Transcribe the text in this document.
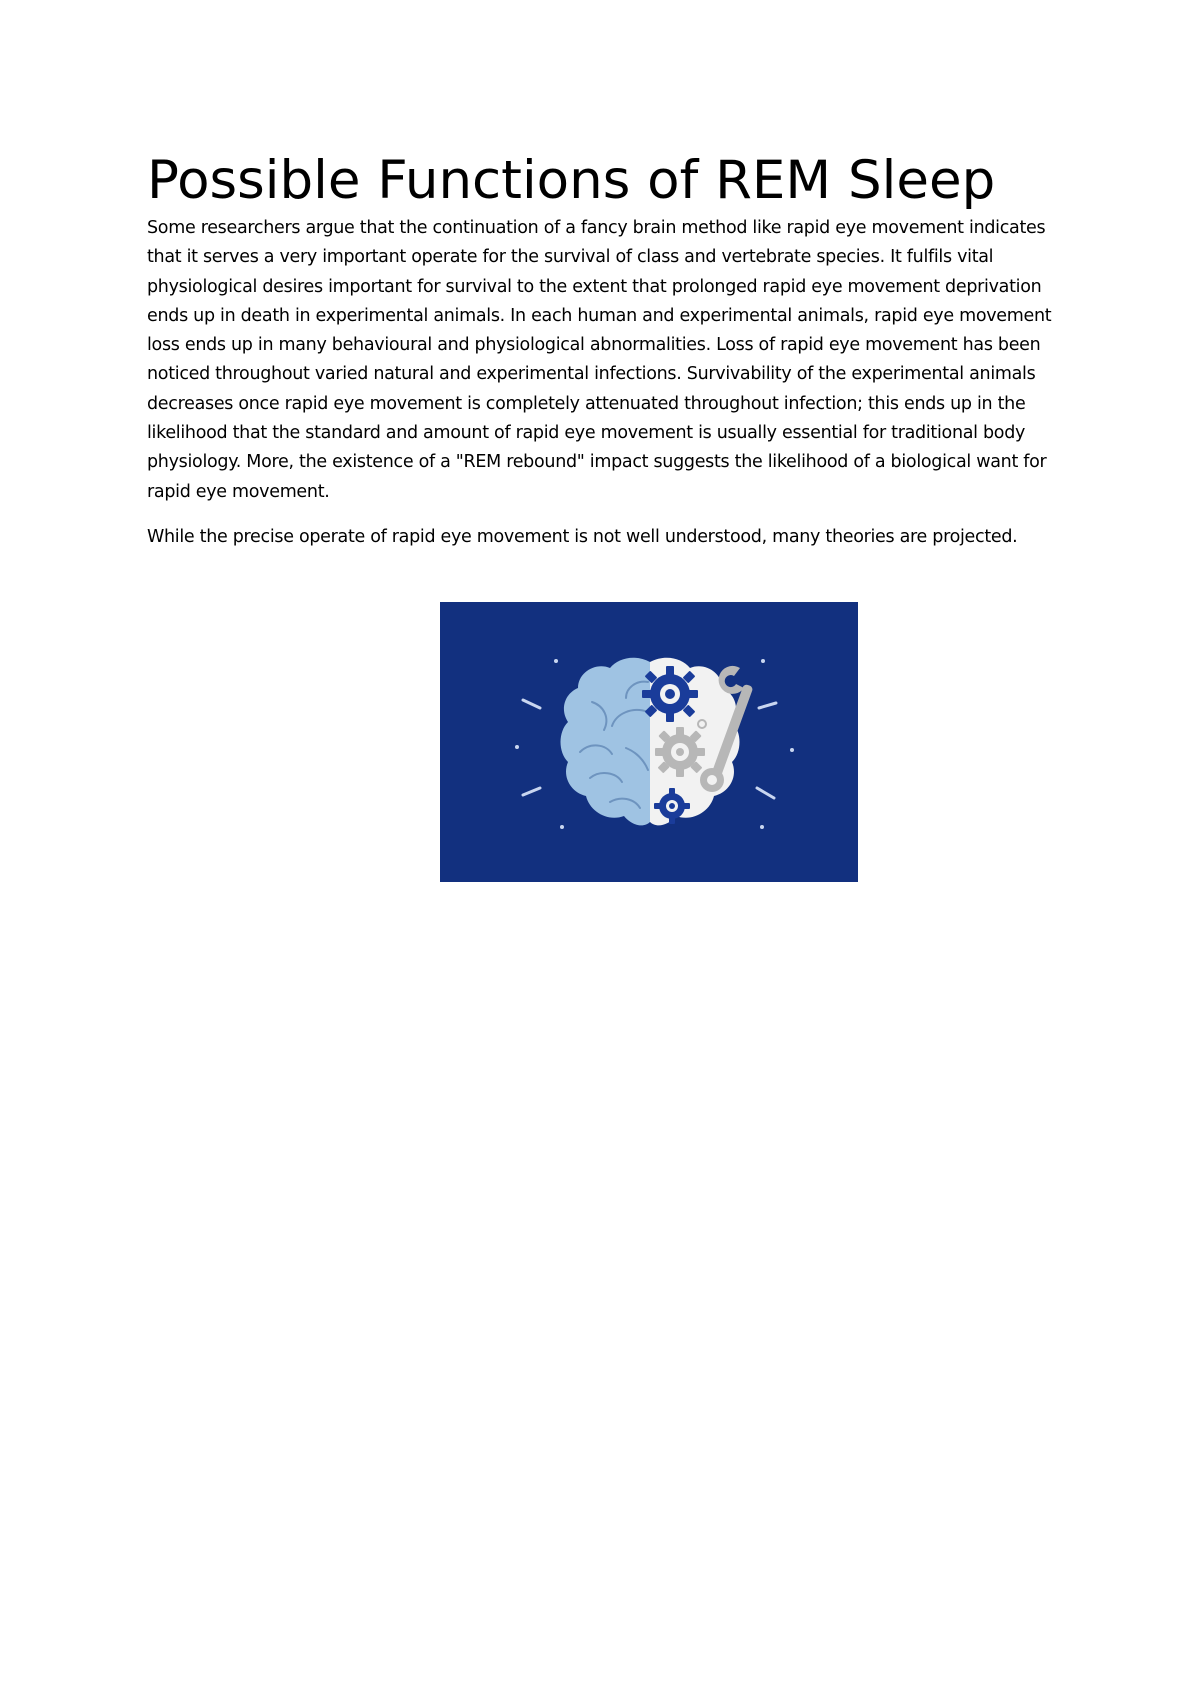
Possible Functions of REM Sleep

Some researchers argue that the continuation of a fancy brain method like rapid eye movement indicates that it serves a very important operate for the survival of class and vertebrate species. It fulfils vital physiological desires important for survival to the extent that prolonged rapid eye movement deprivation ends up in death in experimental animals. In each human and experimental animals, rapid eye movement loss ends up in many behavioural and physiological abnormalities. Loss of rapid eye movement has been noticed throughout varied natural and experimental infections. Survivability of the experimental animals decreases once rapid eye movement is completely attenuated throughout infection; this ends up in the likelihood that the standard and amount of rapid eye movement is usually essential for traditional body physiology. More, the existence of a "REM rebound" impact suggests the likelihood of a biological want for rapid eye movement.

While the precise operate of rapid eye movement is not well understood, many theories are projected.
